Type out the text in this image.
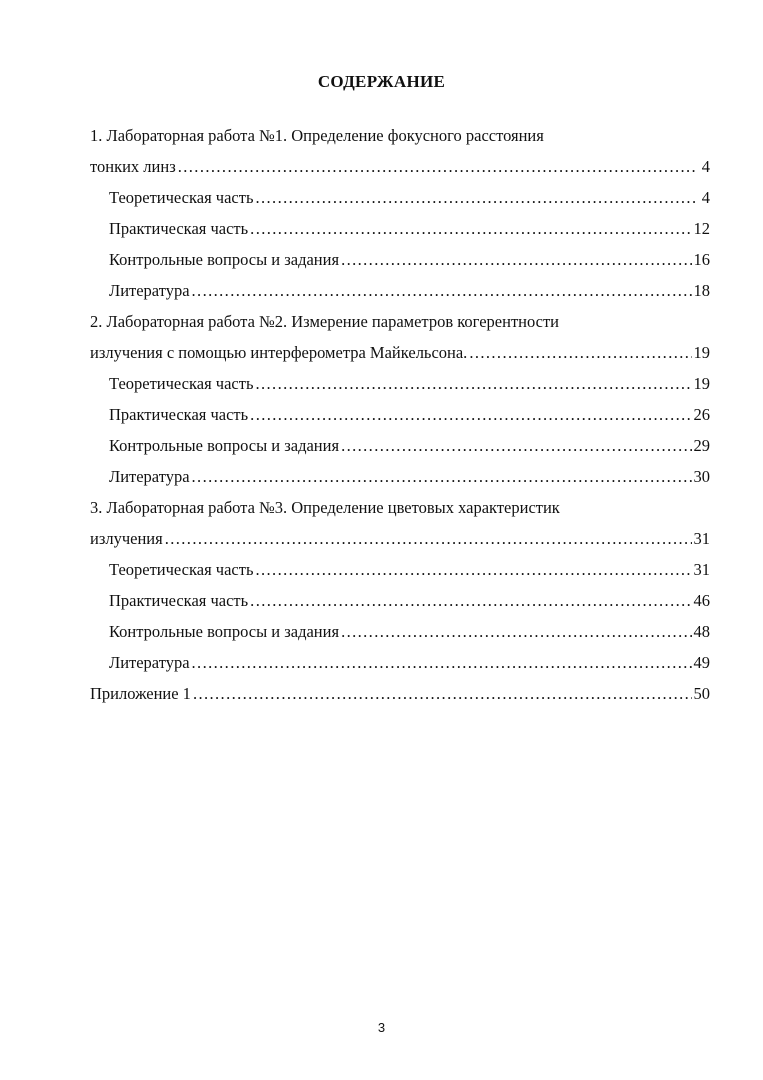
СОДЕРЖАНИЕ
1. Лабораторная работа №1. Определение фокусного расстояния
тонких линз .....	4
Теоретическая часть .....	4
Практическая часть .....	12
Контрольные вопросы и задания .....	16
Литература .....	18
2. Лабораторная работа №2. Измерение параметров когерентности
излучения с помощью интерферометра Майкельсона. .....	19
Теоретическая часть .....	19
Практическая часть .....	26
Контрольные вопросы и задания .....	29
Литература .....	30
3. Лабораторная работа №3. Определение цветовых характеристик
излучения .....	31
Теоретическая часть .....	31
Практическая часть .....	46
Контрольные вопросы и задания .....	48
Литература .....	49
Приложение 1 .....	50
3
